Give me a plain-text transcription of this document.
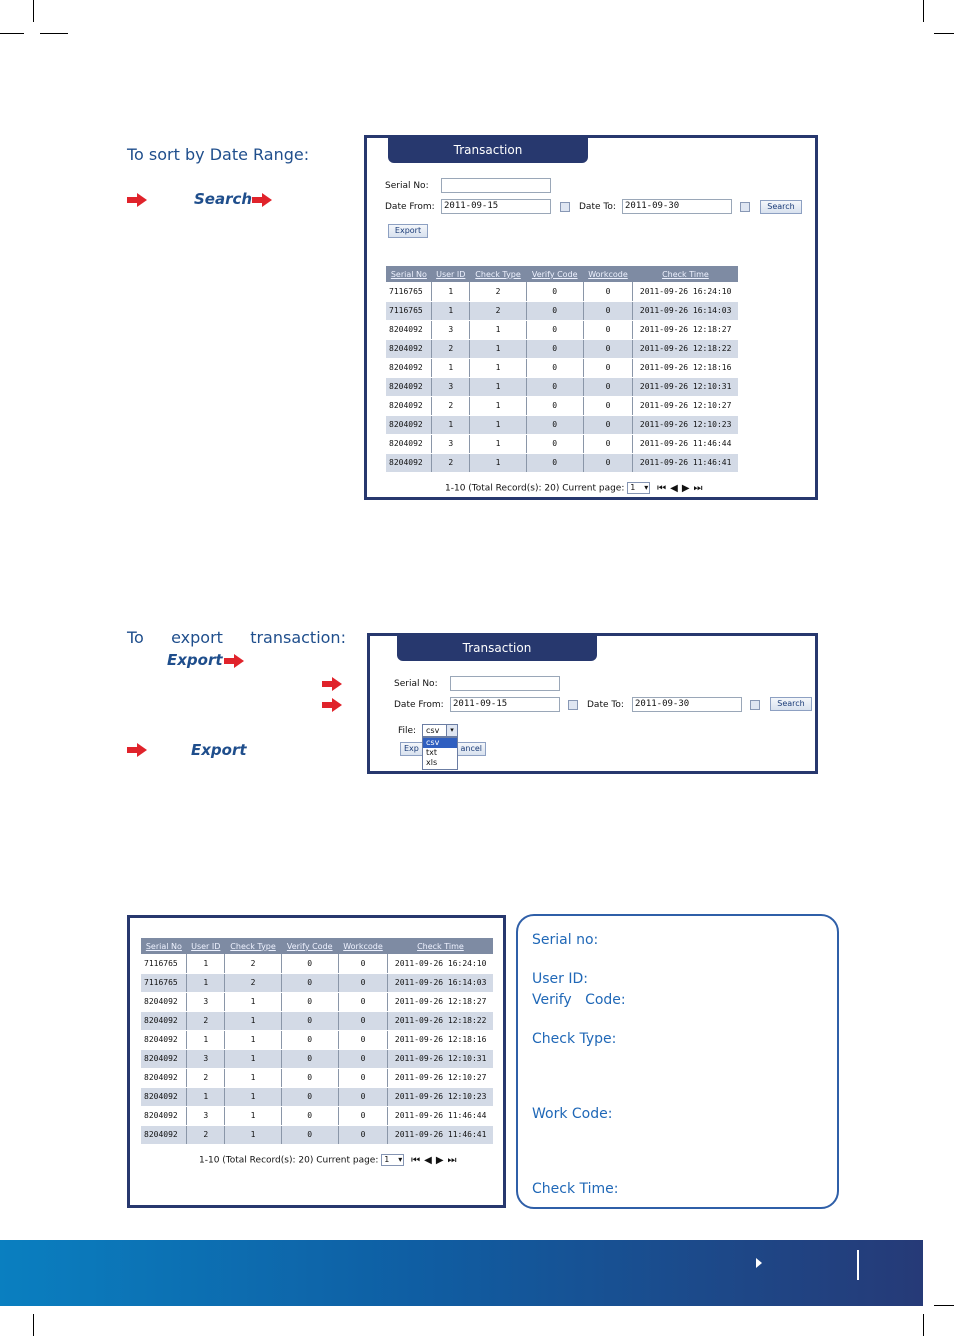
To sort by Date Range:
Search
Transaction
Serial No:
Date From:	2011-09-15	Date To:	2011-09-30	Search
Export
Serial No	User ID	Check Type	Verify Code	Workcode	Check Time
7116765	1	2	0	0	2011-09-26 16:24:10
7116765	1	2	0	0	2011-09-26 16:14:03
8204092	3	1	0	0	2011-09-26 12:18:27
8204092	2	1	0	0	2011-09-26 12:18:22
8204092	1	1	0	0	2011-09-26 12:18:16
8204092	3	1	0	0	2011-09-26 12:10:31
8204092	2	1	0	0	2011-09-26 12:10:27
8204092	1	1	0	0	2011-09-26 12:10:23
8204092	3	1	0	0	2011-09-26 11:46:44
8204092	2	1	0	0	2011-09-26 11:46:41
1-10 (Total Record(s): 20) Current page: 1 ▾ ⏮ ◀ ▶ ⏭
To   export   transaction:
Export
Export
Transaction
Serial No:
Date From:	2011-09-15	Date To:	2011-09-30	Search
File:
Exp	ancel
csv	▾
csv
txt
xls
Serial No	User ID	Check Type	Verify Code	Workcode	Check Time
7116765	1	2	0	0	2011-09-26 16:24:10
7116765	1	2	0	0	2011-09-26 16:14:03
8204092	3	1	0	0	2011-09-26 12:18:27
8204092	2	1	0	0	2011-09-26 12:18:22
8204092	1	1	0	0	2011-09-26 12:18:16
8204092	3	1	0	0	2011-09-26 12:10:31
8204092	2	1	0	0	2011-09-26 12:10:27
8204092	1	1	0	0	2011-09-26 12:10:23
8204092	3	1	0	0	2011-09-26 11:46:44
8204092	2	1	0	0	2011-09-26 11:46:41
1-10 (Total Record(s): 20) Current page: 1 ▾ ⏮ ◀ ▶ ⏭
Serial no:
User ID:
Verify   Code:
Check Type:
Work Code:
Check Time:
